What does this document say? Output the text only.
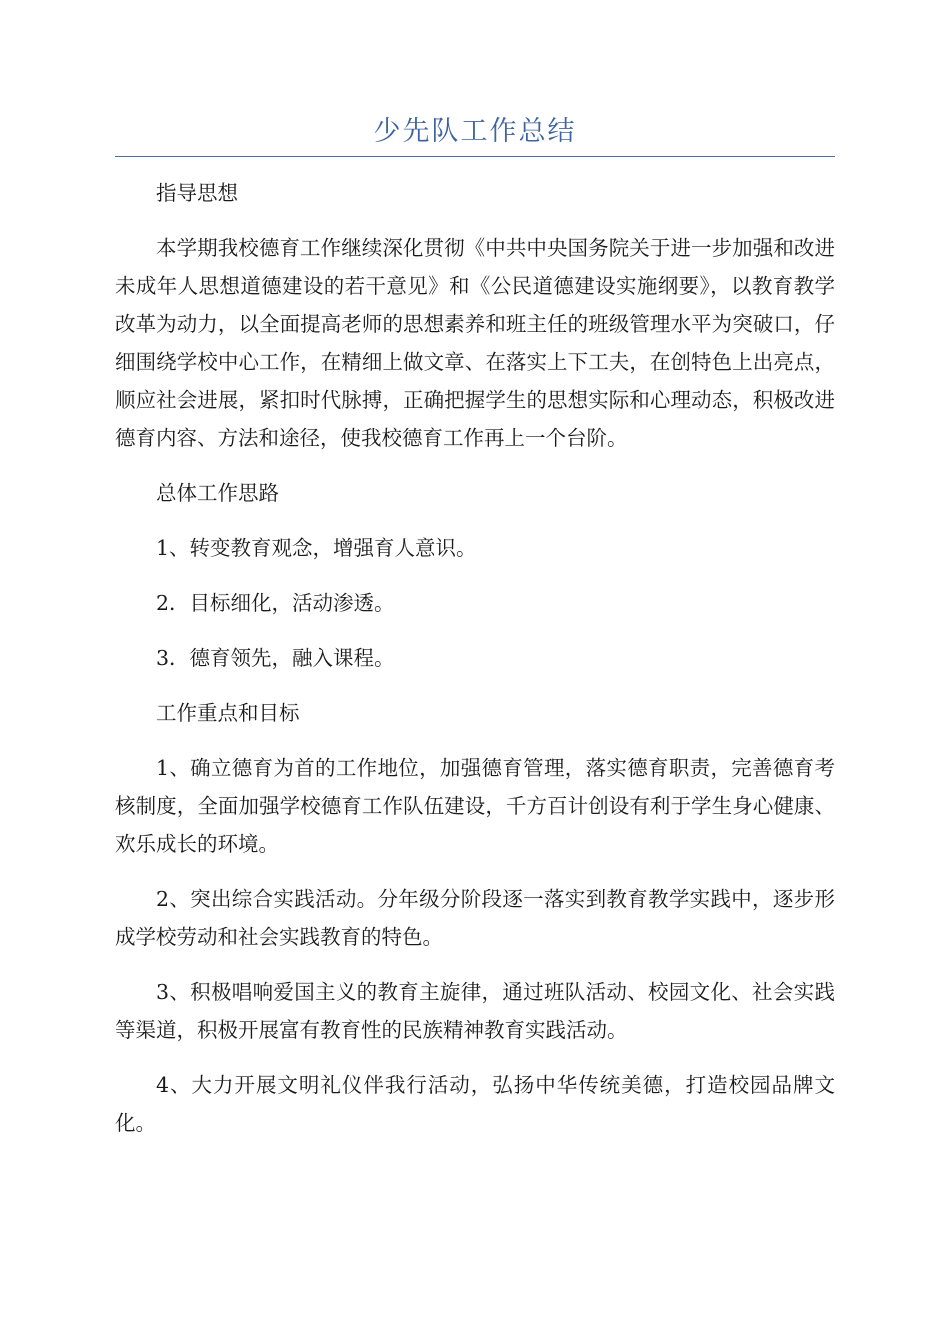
少先队工作总结

指导思想

本学期我校德育工作继续深化贯彻《中共中央国务院关于进一步加强和改进未成年人思想道德建设的若干意见》和《公民道德建设实施纲要》，以教育教学改革为动力，以全面提高老师的思想素养和班主任的班级管理水平为突破口，仔细围绕学校中心工作，在精细上做文章、在落实上下工夫，在创特色上出亮点，顺应社会进展，紧扣时代脉搏，正确把握学生的思想实际和心理动态，积极改进德育内容、方法和途径，使我校德育工作再上一个台阶。

总体工作思路

1、转变教育观念，增强育人意识。

2．目标细化，活动渗透。

3．德育领先，融入课程。

工作重点和目标

1、确立德育为首的工作地位，加强德育管理，落实德育职责，完善德育考核制度，全面加强学校德育工作队伍建设，千方百计创设有利于学生身心健康、欢乐成长的环境。

2、突出综合实践活动。分年级分阶段逐一落实到教育教学实践中，逐步形成学校劳动和社会实践教育的特色。

3、积极唱响爱国主义的教育主旋律，通过班队活动、校园文化、社会实践等渠道，积极开展富有教育性的民族精神教育实践活动。

4、大力开展文明礼仪伴我行活动，弘扬中华传统美德，打造校园品牌文化。
